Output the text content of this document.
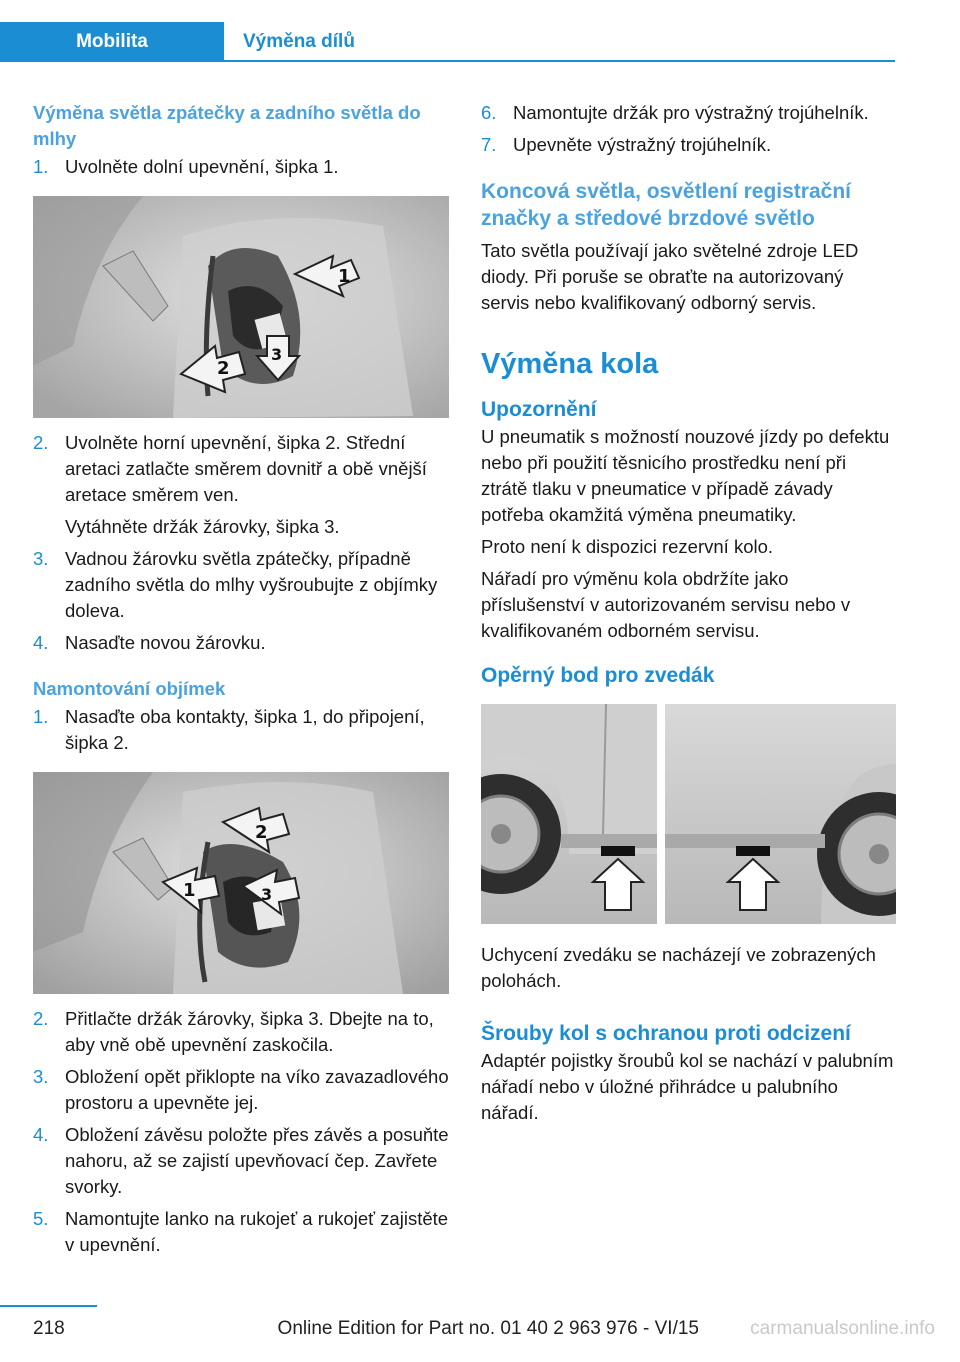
Mobilita	Výměna dílů
Výměna světla zpátečky a zadního světla do mlhy
1. Uvolněte dolní upevnění, šipka 1.
1
2
3
2. Uvolněte horní upevnění, šipka 2. Střední aretaci zatlačte směrem dovnitř a obě vnější aretace směrem ven.
Vytáhněte držák žárovky, šipka 3.
3. Vadnou žárovku světla zpátečky, případně zadního světla do mlhy vyšroubujte z objímky doleva.
4. Nasaďte novou žárovku.
Namontování objímek
1. Nasaďte oba kontakty, šipka 1, do připojení, šipka 2.
1
2
3
2. Přitlačte držák žárovky, šipka 3. Dbejte na to, aby vně obě upevnění zaskočila.
3. Obložení opět přiklopte na víko zavazadlového prostoru a upevněte jej.
4. Obložení závěsu položte přes závěs a posuňte nahoru, až se zajistí upevňovací čep. Zavřete svorky.
5. Namontujte lanko na rukojeť a rukojeť zajistěte v upevnění.
6. Namontujte držák pro výstražný trojúhelník.
7. Upevněte výstražný trojúhelník.
Koncová světla, osvětlení registrační značky a středové brzdové světlo

Tato světla používají jako světelné zdroje LED diody. Při poruše se obraťte na autorizovaný servis nebo kvalifikovaný odborný servis.

Výměna kola
Upozornění

U pneumatik s možností nouzové jízdy po defektu nebo při použití těsnicího prostředku není při ztrátě tlaku v pneumatice v případě závady potřeba okamžitá výměna pneumatiky.

Proto není k dispozici rezervní kolo.

Nářadí pro výměnu kola obdržíte jako příslušenství v autorizovaném servisu nebo v kvalifikovaném odborném servisu.

Opěrný bod pro zvedák

Uchycení zvedáku se nacházejí ve zobrazených polohách.

Šrouby kol s ochranou proti odcizení

Adaptér pojistky šroubů kol se nachází v palubním nářadí nebo v úložné přihrádce u palubního nářadí.

218	Online Edition for Part no. 01 40 2 963 976 - VI/15	carmanualsonline.info
